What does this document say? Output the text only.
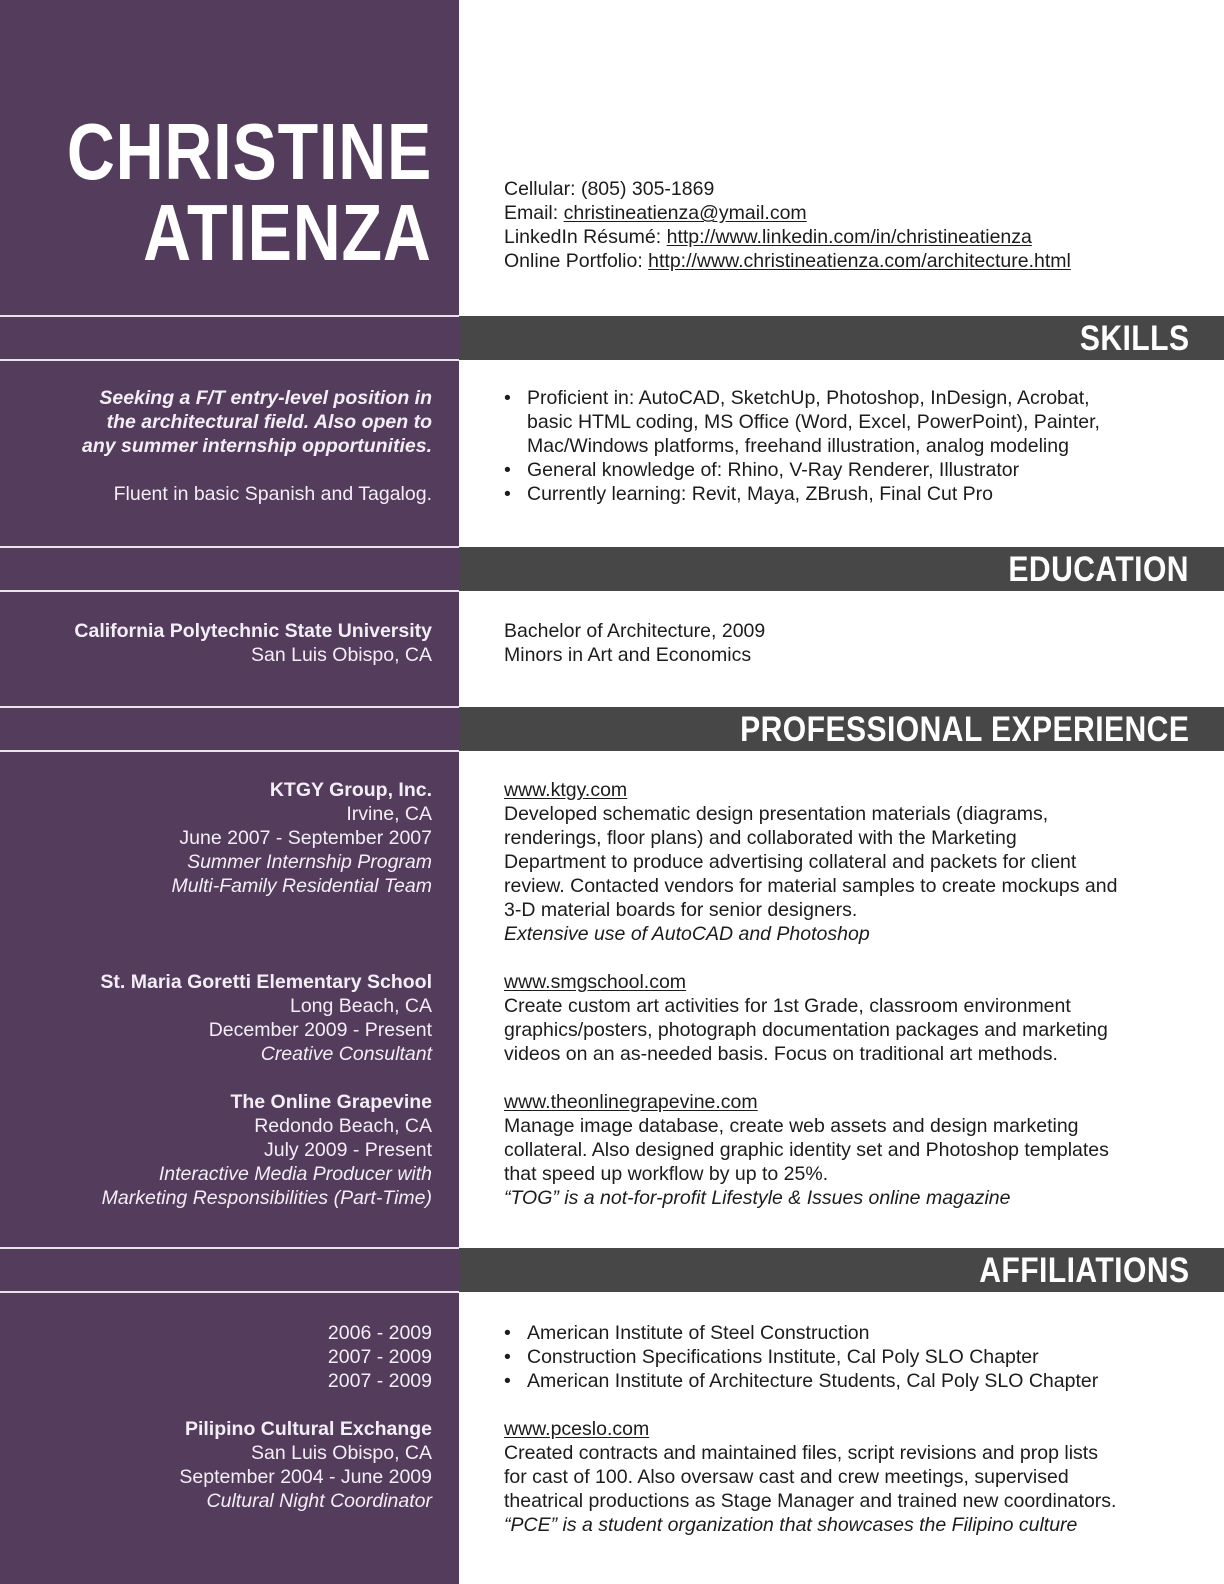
CHRISTINE
ATIENZA	Cellular: (805) 305-1869
Email: christineatienza@ymail.com
LinkedIn Résumé: http://www.linkedin.com/in/christineatienza
Online Portfolio: http://www.christineatienza.com/architecture.html
SKILLS
Seeking a F/T entry-level position in
the architectural field. Also open to
any summer internship opportunities.
Fluent in basic Spanish and Tagalog.
• Proficient in: AutoCAD, SketchUp, Photoshop, InDesign, Acrobat,
basic HTML coding, MS Office (Word, Excel, PowerPoint), Painter,
Mac/Windows platforms, freehand illustration, analog modeling
• General knowledge of: Rhino, V-Ray Renderer, Illustrator
• Currently learning: Revit, Maya, ZBrush, Final Cut Pro
EDUCATION
California Polytechnic State University
San Luis Obispo, CA
Bachelor of Architecture, 2009
Minors in Art and Economics
PROFESSIONAL EXPERIENCE
KTGY Group, Inc.
Irvine, CA
June 2007 - September 2007
Summer Internship Program
Multi-Family Residential Team
www.ktgy.com
Developed schematic design presentation materials (diagrams,
renderings, floor plans) and collaborated with the Marketing
Department to produce advertising collateral and packets for client
review. Contacted vendors for material samples to create mockups and
3-D material boards for senior designers.
Extensive use of AutoCAD and Photoshop
St. Maria Goretti Elementary School
Long Beach, CA
December 2009 - Present
Creative Consultant
www.smgschool.com
Create custom art activities for 1st Grade, classroom environment
graphics/posters, photograph documentation packages and marketing
videos on an as-needed basis. Focus on traditional art methods.
The Online Grapevine
Redondo Beach, CA
July 2009 - Present
Interactive Media Producer with
Marketing Responsibilities (Part-Time)
www.theonlinegrapevine.com
Manage image database, create web assets and design marketing
collateral. Also designed graphic identity set and Photoshop templates
that speed up workflow by up to 25%.
“TOG” is a not-for-profit Lifestyle & Issues online magazine
AFFILIATIONS
2006 - 2009
2007 - 2009
2007 - 2009
Pilipino Cultural Exchange
San Luis Obispo, CA
September 2004 - June 2009
Cultural Night Coordinator
• American Institute of Steel Construction
• Construction Specifications Institute, Cal Poly SLO Chapter
• American Institute of Architecture Students, Cal Poly SLO Chapter
www.pceslo.com
Created contracts and maintained files, script revisions and prop lists
for cast of 100. Also oversaw cast and crew meetings, supervised
theatrical productions as Stage Manager and trained new coordinators.
“PCE” is a student organization that showcases the Filipino culture
